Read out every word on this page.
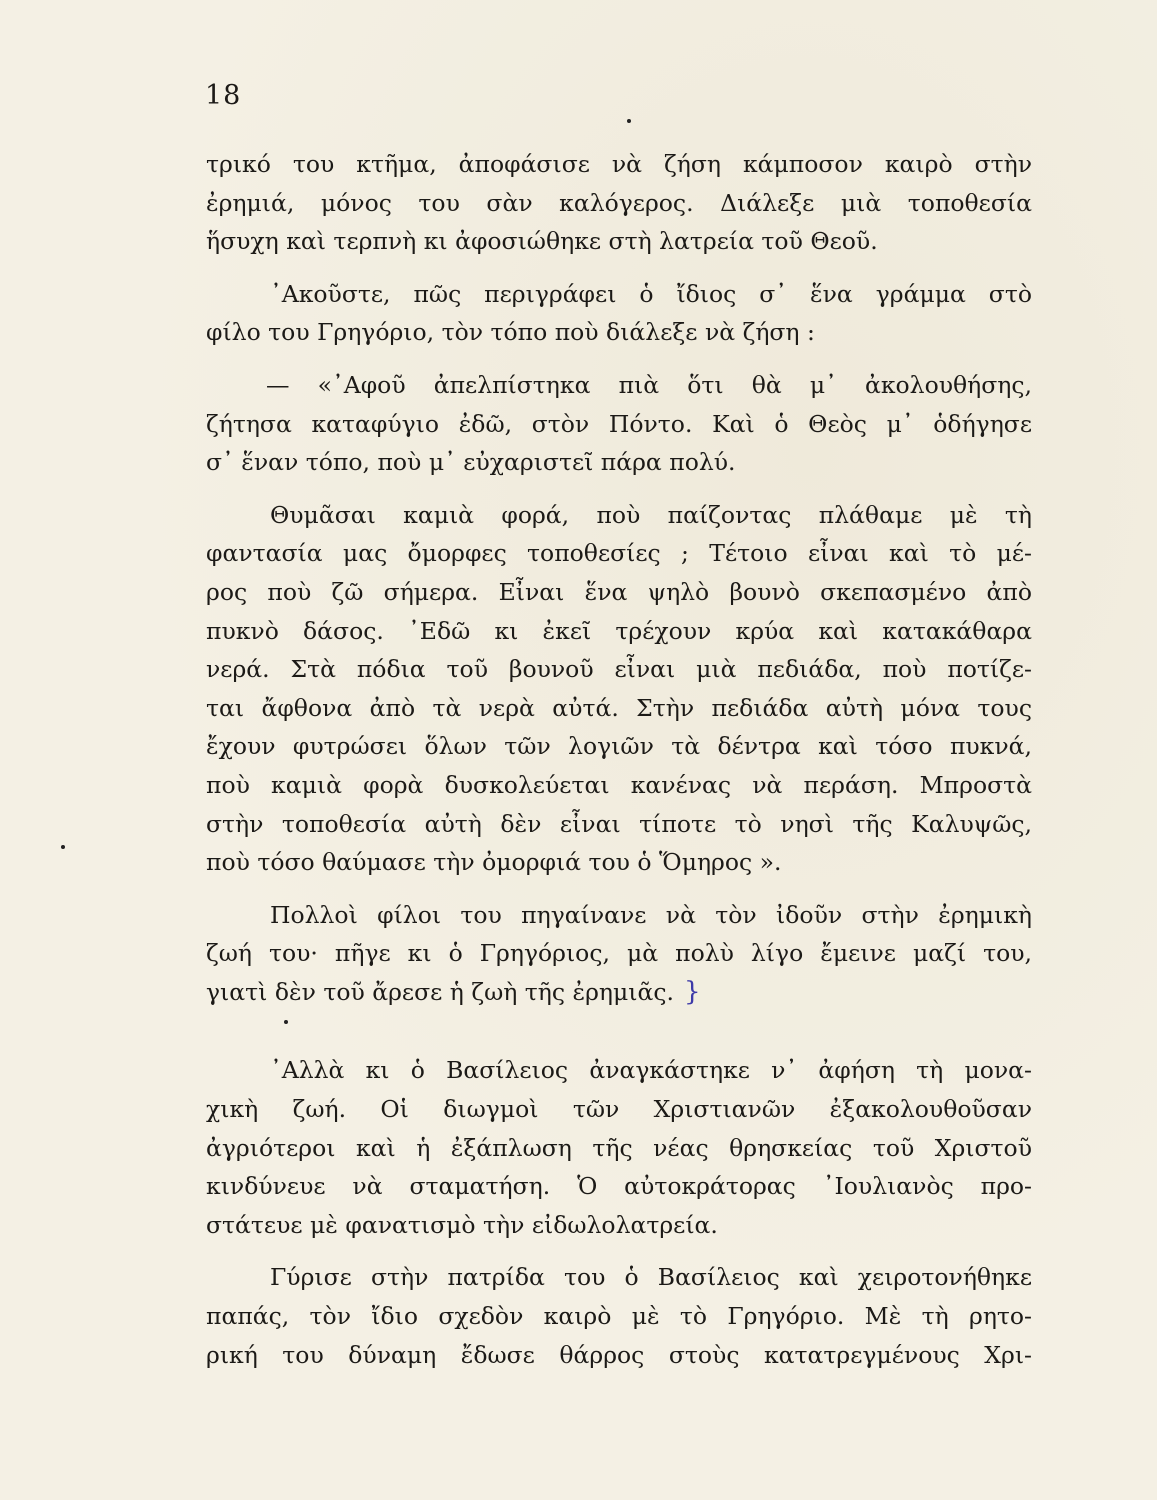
18
τρικό του κτῆμα, ἀποφάσισε νὰ ζήση κάμποσον καιρὸ στὴν
ἐρημιά, μόνος του σὰν καλόγερος. Διάλεξε μιὰ τοποθεσία
ἥσυχη καὶ τερπνὴ κι ἀφοσιώθηκε στὴ λατρεία τοῦ Θεοῦ.
᾿Ακοῦστε, πῶς περιγράφει ὁ ἴδιος σ᾿ ἕνα γράμμα στὸ
φίλο του Γρηγόριο, τὸν τόπο ποὺ διάλεξε νὰ ζήση :
— «᾿Αφοῦ ἀπελπίστηκα πιὰ ὅτι θὰ μ᾿ ἀκολουθήσης,
ζήτησα καταφύγιο ἐδῶ, στὸν Πόντο. Καὶ ὁ Θεὸς μ᾿ ὁδήγησε
σ᾿ ἕναν τόπο, ποὺ μ᾿ εὐχαριστεῖ πάρα πολύ.
Θυμᾶσαι καμιὰ φορά, ποὺ παίζοντας πλάθαμε μὲ τὴ
φαντασία μας ὄμορφες τοποθεσίες ; Τέτοιο εἶναι καὶ τὸ μέ-
ρος ποὺ ζῶ σήμερα. Εἶναι ἕνα ψηλὸ βουνὸ σκεπασμένο ἀπὸ
πυκνὸ δάσος. ᾿Εδῶ κι ἐκεῖ τρέχουν κρύα καὶ κατακάθαρα
νερά. Στὰ πόδια τοῦ βουνοῦ εἶναι μιὰ πεδιάδα, ποὺ ποτίζε-
ται ἄφθονα ἀπὸ τὰ νερὰ αὐτά. Στὴν πεδιάδα αὐτὴ μόνα τους
ἔχουν φυτρώσει ὅλων τῶν λογιῶν τὰ δέντρα καὶ τόσο πυκνά,
ποὺ καμιὰ φορὰ δυσκολεύεται κανένας νὰ περάση. Μπροστὰ
στὴν τοποθεσία αὐτὴ δὲν εἶναι τίποτε τὸ νησὶ τῆς Καλυψῶς,
ποὺ τόσο θαύμασε τὴν ὀμορφιά του ὁ Ὅμηρος ».
Πολλοὶ φίλοι του πηγαίνανε νὰ τὸν ἰδοῦν στὴν ἐρημικὴ
ζωή του· πῆγε κι ὁ Γρηγόριος, μὰ πολὺ λίγο ἔμεινε μαζί του,
γιατὶ δὲν τοῦ ἄρεσε ἡ ζωὴ τῆς ἐρημιᾶς. }
᾿Αλλὰ κι ὁ Βασίλειος ἀναγκάστηκε ν᾿ ἀφήση τὴ μονα-
χικὴ ζωή. Οἱ διωγμοὶ τῶν Χριστιανῶν ἐξακολουθοῦσαν
ἀγριότεροι καὶ ἡ ἐξάπλωση τῆς νέας θρησκείας τοῦ Χριστοῦ
κινδύνευε νὰ σταματήση. Ὁ αὐτοκράτορας ᾿Ιουλιανὸς προ-
στάτευε μὲ φανατισμὸ τὴν εἰδωλολατρεία.
Γύρισε στὴν πατρίδα του ὁ Βασίλειος καὶ χειροτονήθηκε
παπάς, τὸν ἴδιο σχεδὸν καιρὸ μὲ τὸ Γρηγόριο. Μὲ τὴ ρητο-
ρική του δύναμη ἔδωσε θάρρος στοὺς κατατρεγμένους Χρι-
